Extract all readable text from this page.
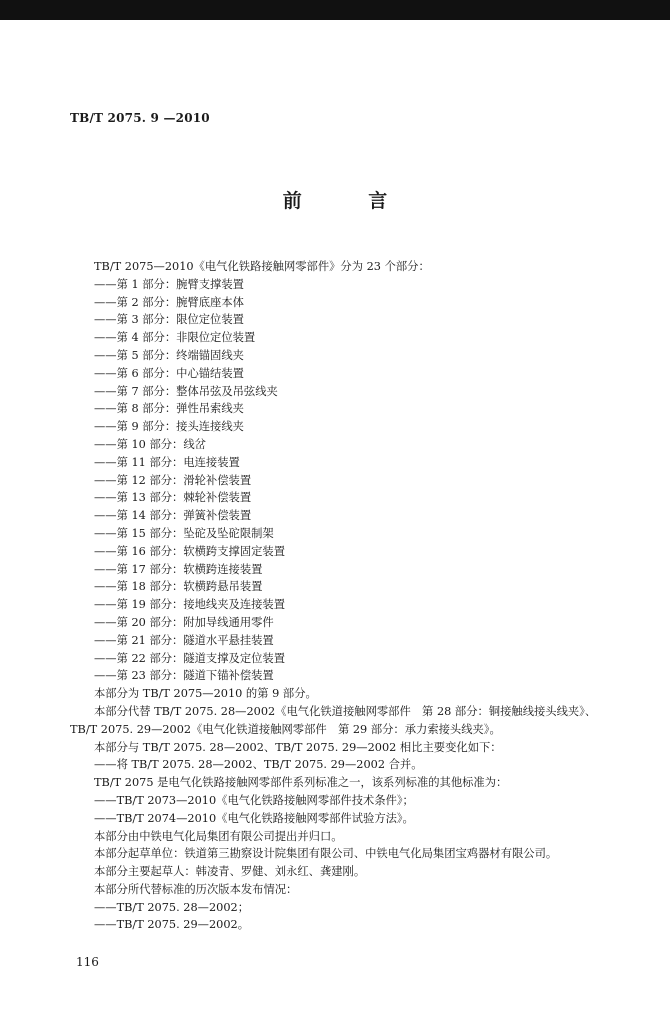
TB/T 2075. 9 —2010
前 言
TB/T 2075—2010《电气化铁路接触网零部件》分为 23 个部分：
——第 1 部分：腕臂支撑装置
——第 2 部分：腕臂底座本体
——第 3 部分：限位定位装置
——第 4 部分：非限位定位装置
——第 5 部分：终端锚固线夹
——第 6 部分：中心锚结装置
——第 7 部分：整体吊弦及吊弦线夹
——第 8 部分：弹性吊索线夹
——第 9 部分：接头连接线夹
——第 10 部分：线岔
——第 11 部分：电连接装置
——第 12 部分：滑轮补偿装置
——第 13 部分：棘轮补偿装置
——第 14 部分：弹簧补偿装置
——第 15 部分：坠砣及坠砣限制架
——第 16 部分：软横跨支撑固定装置
——第 17 部分：软横跨连接装置
——第 18 部分：软横跨悬吊装置
——第 19 部分：接地线夹及连接装置
——第 20 部分：附加导线通用零件
——第 21 部分：隧道水平悬挂装置
——第 22 部分：隧道支撑及定位装置
——第 23 部分：隧道下锚补偿装置
本部分为 TB/T 2075—2010 的第 9 部分。
本部分代替 TB/T 2075. 28—2002《电气化铁道接触网零部件　第 28 部分：铜接触线接头线夹》、
TB/T 2075. 29—2002《电气化铁道接触网零部件　第 29 部分：承力索接头线夹》。
本部分与 TB/T 2075. 28—2002、TB/T 2075. 29—2002 相比主要变化如下：
——将 TB/T 2075. 28—2002、TB/T 2075. 29—2002 合并。
TB/T 2075 是电气化铁路接触网零部件系列标准之一，该系列标准的其他标准为：
——TB/T 2073—2010《电气化铁路接触网零部件技术条件》；
——TB/T 2074—2010《电气化铁路接触网零部件试验方法》。
本部分由中铁电气化局集团有限公司提出并归口。
本部分起草单位：铁道第三勘察设计院集团有限公司、中铁电气化局集团宝鸡器材有限公司。
本部分主要起草人：韩凌青、罗健、刘永红、龚建刚。
本部分所代替标准的历次版本发布情况：
——TB/T 2075. 28—2002；
——TB/T 2075. 29—2002。
116
